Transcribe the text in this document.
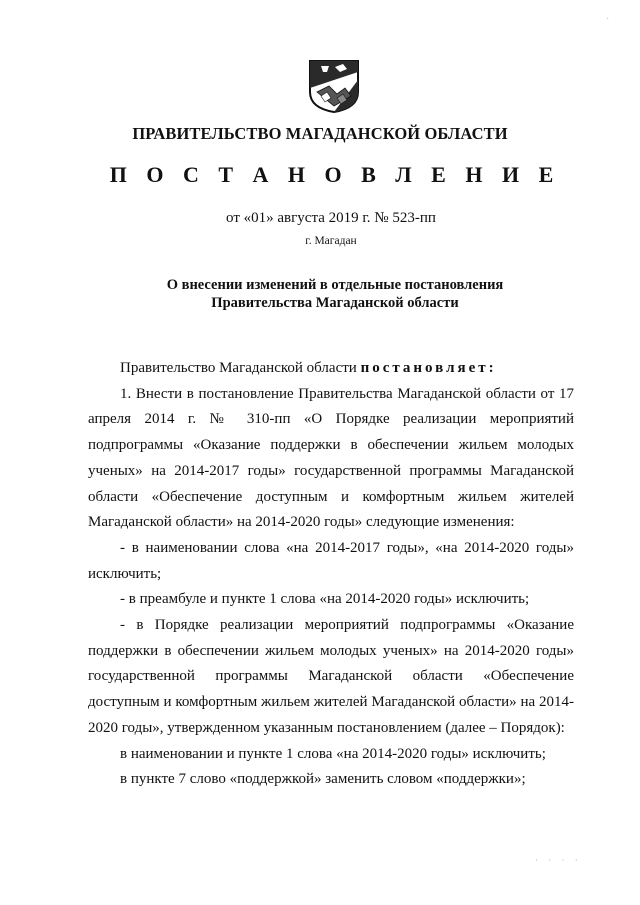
·
ПРАВИТЕЛЬСТВО МАГАДАНСКОЙ ОБЛАСТИ
П О С Т А Н О В Л Е Н И Е
от «01» августа 2019 г. № 523-пп
г. Магадан
О внесении изменений в отдельные постановления
Правительства Магаданской области

Правительство Магаданской области постановляет:

1. Внести в постановление Правительства Магаданской области от 17 апреля 2014 г. № 310-пп «О Порядке реализации мероприятий подпрограммы «Оказание поддержки в обеспечении жильем молодых ученых» на 2014-2017 годы» государственной программы Магаданской области «Обеспечение доступным и комфортным жильем жителей Магаданской области» на 2014-2020 годы» следующие изменения:

- в наименовании слова «на 2014-2017 годы», «на 2014-2020 годы» исключить;

- в преамбуле и пункте 1 слова «на 2014-2020 годы» исключить;

- в Порядке реализации мероприятий подпрограммы «Оказание поддержки в обеспечении жильем молодых ученых» на 2014-2020 годы» государственной программы Магаданской области «Обеспечение доступным и комфортным жильем жителей Магаданской области» на 2014-2020 годы», утвержденном указанным постановлением (далее – Порядок):

в наименовании и пункте 1 слова «на 2014-2020 годы» исключить;

в пункте 7 слово «поддержкой» заменить словом «поддержки»;

· · · ·
